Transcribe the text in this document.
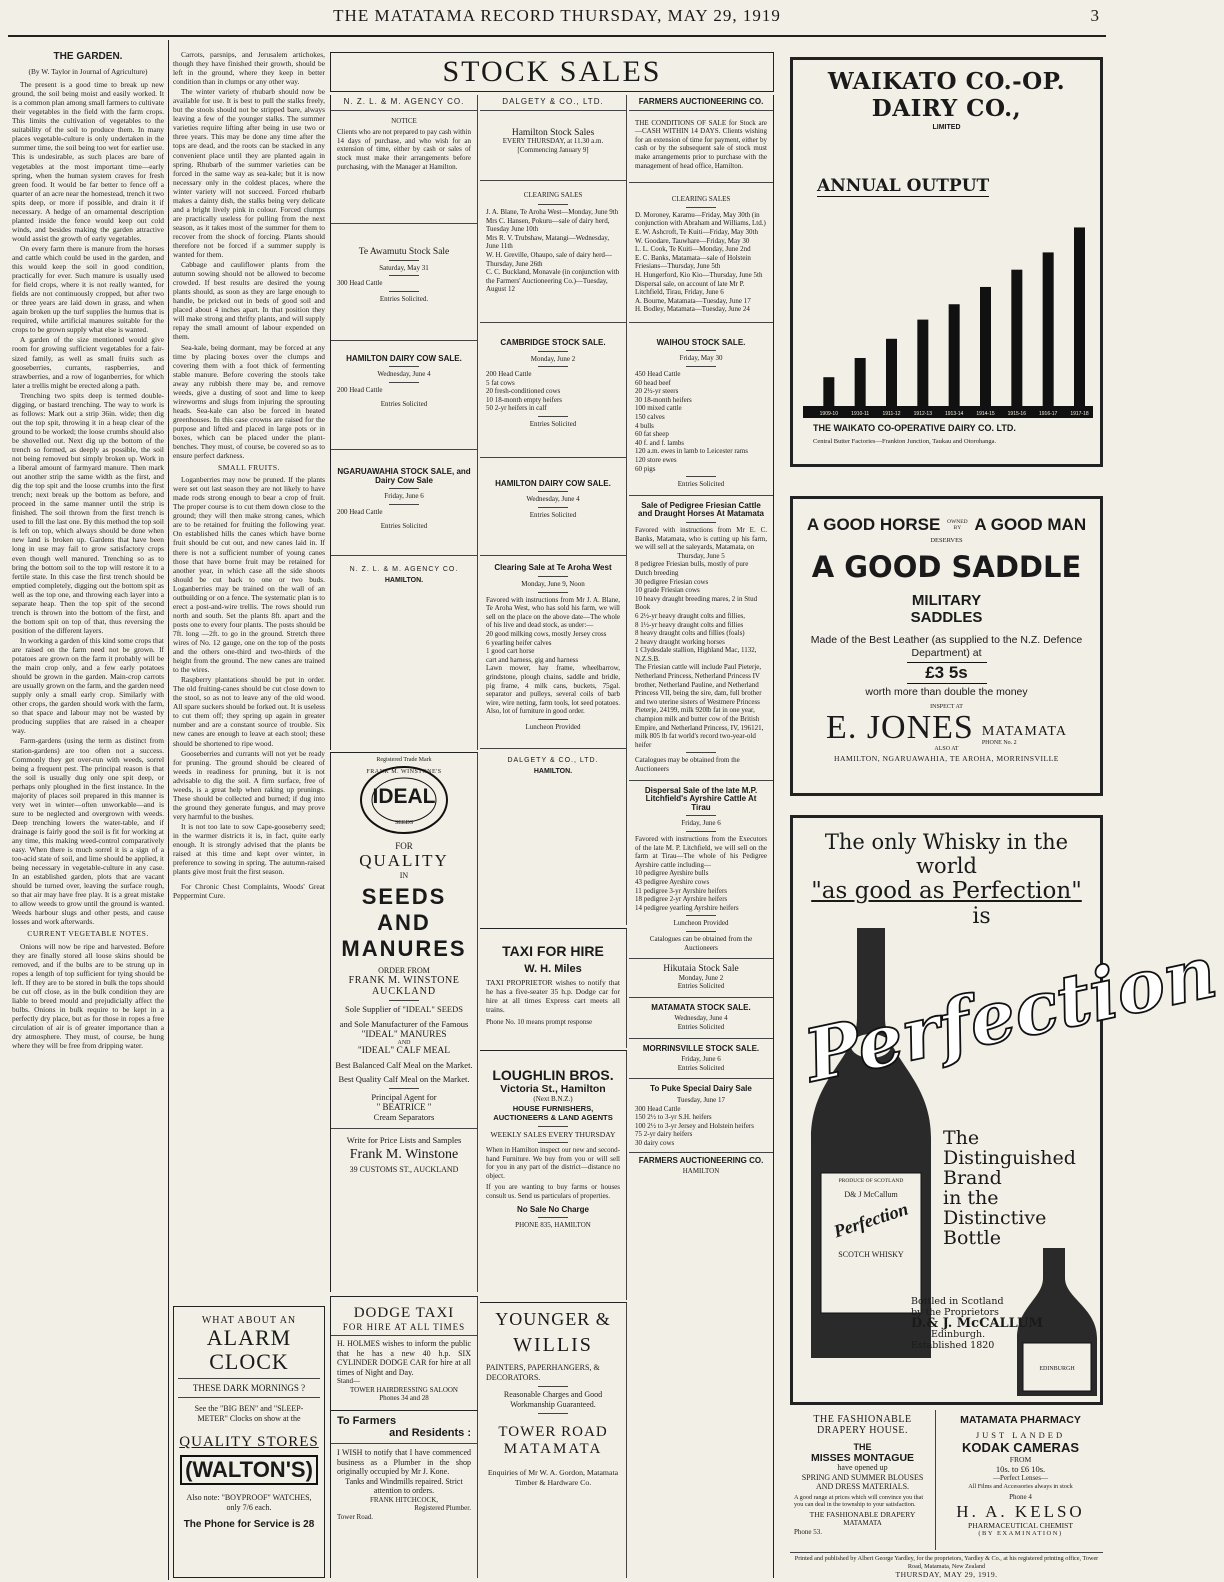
THE MATATAMA RECORD THURSDAY, MAY 29, 1919	3
THE GARDEN.
(By W. Taylor in Journal of Agriculture)

The present is a good time to break up new ground, the soil being moist and easily worked. It is a common plan among small farmers to cultivate their vegetables in the field with the farm crops. This limits the cultivation of vegetables to the suitability of the soil to produce them. In many places vegetable-culture is only undertaken in the summer time, the soil being too wet for earlier use. This is undesirable, as such places are bare of vegetables at the most important time—early spring, when the human system craves for fresh green food. It would be far better to fence off a quarter of an acre near the homestead, trench it two spits deep, or more if possible, and drain it if necessary. A hedge of an ornamental description planted inside the fence would keep out cold winds, and besides making the garden attractive would assist the growth of early vegetables.

On every farm there is manure from the horses and cattle which could be used in the garden, and this would keep the soil in good condition, practically for ever. Such manure is usually used for field crops, where it is not really wanted, for fields are not continuously cropped, but after two or three years are laid down in grass, and when again broken up the turf supplies the humus that is required, while artificial manures suitable for the crops to be grown supply what else is wanted.

A garden of the size mentioned would give room for growing sufficient vegetables for a fair-sized family, as well as small fruits such as gooseberries, currants, raspberries, and strawberries, and a row of loganberries, for which later a trellis might be erected along a path.

Trenching two spits deep is termed double-digging, or bastard trenching. The way to work is as follows: Mark out a strip 36in. wide; then dig out the top spit, throwing it in a heap clear of the ground to be worked; the loose crumbs should also be shovelled out. Next dig up the bottom of the trench so formed, as deeply as possible, the soil not being removed but simply broken up. Work in a liberal amount of farmyard manure. Then mark out another strip the same width as the first, and dig the top spit and the loose crumbs into the first trench; next break up the bottom as before, and proceed in the same manner until the strip is finished. The soil thrown from the first trench is used to fill the last one. By this method the top soil is left on top, which always should be done when new land is broken up. Gardens that have been long in use may fail to grow satisfactory crops even though well manured. Trenching so as to bring the bottom soil to the top will restore it to a fertile state. In this case the first trench should be emptied completely, digging out the bottom spit as well as the top one, and throwing each layer into a separate heap. Then the top spit of the second trench is thrown into the bottom of the first, and the bottom spit on top of that, thus reversing the position of the different layers.

In working a garden of this kind some crops that are raised on the farm need not be grown. If potatoes are grown on the farm it probably will be the main crop only, and a few early potatoes should be grown in the garden. Main-crop carrots are usually grown on the farm, and the garden need supply only a small early crop. Similarly with other crops, the garden should work with the farm, so that space and labour may not be wasted by producing supplies that are raised in a cheaper way.

Farm-gardens (using the term as distinct from station-gardens) are too often not a success. Commonly they get over-run with weeds, sorrel being a frequent pest. The principal reason is that the soil is usually dug only one spit deep, or perhaps only ploughed in the first instance. In the majority of places soil prepared in this manner is very wet in winter—often unworkable—and is sure to be neglected and overgrown with weeds. Deep trenching lowers the water-table, and if drainage is fairly good the soil is fit for working at any time, this making weed-control comparatively easy. When there is much sorrel it is a sign of a too-acid state of soil, and lime should be applied, it being necessary in vegetable-culture in any case. In an established garden, plots that are vacant should be turned over, leaving the surface rough, so that air may have free play. It is a great mistake to allow weeds to grow until the ground is wanted. Weeds harbour slugs and other pests, and cause losses and work afterwards.

CURRENT VEGETABLE NOTES.

Onions will now be ripe and harvested. Before they are finally stored all loose skins should be removed, and if the bulbs are to be strung up in ropes a length of top sufficient for tying should be left. If they are to be stored in bulk the tops should be cut off close, as in the bulk condition they are liable to breed mould and prejudicially affect the bulbs. Onions in bulk require to be kept in a perfectly dry place, but as for those in ropes a free circulation of air is of greater importance than a dry atmosphere. They must, of course, be hung where they will be free from dripping water.

Carrots, parsnips, and Jerusalem artichokes, though they have finished their growth, should be left in the ground, where they keep in better condition than in clumps or any other way.

The winter variety of rhubarb should now be available for use. It is best to pull the stalks freely, but the stools should not be stripped bare, always leaving a few of the younger stalks. The summer varieties require lifting after being in use two or three years. This may be done any time after the tops are dead, and the roots can be stacked in any convenient place until they are planted again in spring. Rhubarb of the summer varieties can be forced in the same way as sea-kale; but it is now necessary only in the coldest places, where the winter variety will not succeed. Forced rhubarb makes a dainty dish, the stalks being very delicate and a bright lively pink in colour. Forced clumps are practically useless for pulling from the next season, as it takes most of the summer for them to recover from the shock of forcing. Plants should therefore not be forced if a summer supply is wanted for them.

Cabbage and cauliflower plants from the autumn sowing should not be allowed to become crowded. If best results are desired the young plants should, as soon as they are large enough to handle, be pricked out in beds of good soil and placed about 4 inches apart. In that position they will make strong and thrifty plants, and will supply repay the small amount of labour expended on them.

Sea-kale, being dormant, may be forced at any time by placing boxes over the clumps and covering them with a foot thick of fermenting stable manure. Before covering the stools take away any rubbish there may be, and remove weeds, give a dusting of soot and lime to keep wireworms and slugs from injuring the sprouting heads. Sea-kale can also be forced in heated greenhouses. In this case crowns are raised for the purpose and lifted and placed in large pots or in boxes, which can be placed under the plant-benches. They must, of course, be covered so as to ensure perfect darkness.

SMALL FRUITS.

Loganberries may now be pruned. If the plants were set out last season they are not likely to have made rods strong enough to bear a crop of fruit. The proper course is to cut them down close to the ground; they will then make strong canes, which are to be retained for fruiting the following year. On established hills the canes which have borne fruit should be cut out, and new canes laid in. If there is not a sufficient number of young canes those that have borne fruit may be retained for another year, in which case all the side shoots should be cut back to one or two buds. Loganberries may be trained on the wall of an outbuilding or on a fence. The systematic plan is to erect a post-and-wire trellis. The rows should run north and south. Set the plants 8ft. apart and the posts one to every four plants. The posts should be 7ft. long —2ft. to go in the ground. Stretch three wires of No. 12 gauge, one on the top of the posts and the others one-third and two-thirds of the height from the ground. The new canes are trained to the wires.

Raspberry plantations should be put in order. The old fruiting-canes should be cut close down to the stool, so as not to leave any of the old wood. All spare suckers should be forked out. It is useless to cut them off; they spring up again in greater number and are a constant source of trouble. Six new canes are enough to leave at each stool; these should be shortened to ripe wood.

Gooseberries and currants will not yet be ready for pruning. The ground should be cleared of weeds in readiness for pruning, but it is not advisable to dig the soil. A firm surface, free of weeds, is a great help when raking up prunings. These should be collected and burned; if dug into the ground they generate fungus, and may prove very harmful to the bushes.

It is not too late to sow Cape-gooseberry seed; in the warmer districts it is, in fact, quite early enough. It is strongly advised that the plants be raised at this time and kept over winter, in preference to sowing in spring. The autumn-raised plants give most fruit the first season.

For Chronic Chest Complaints, Woods' Great Peppermint Cure.

WHAT ABOUT AN
ALARM CLOCK
THESE DARK MORNINGS ?
See the "BIG BEN" and "SLEEP-METER" Clocks on show at the
QUALITY STORES
(WALTON'S)
Also note: "BOYPROOF" WATCHES, only 7/6 each.
The Phone for Service is 28
STOCK SALES
N. Z. L. & M. AGENCY CO.
NOTICE
Clients who are not prepared to pay cash within 14 days of purchase, and who wish for an extension of time, either by cash or sales of stock must make their arrangements before purchasing, with the Manager at Hamilton.
Te Awamutu Stock Sale
Saturday, May 31
300 Head Cattle
Entries Solicited.
HAMILTON DAIRY COW SALE.
Wednesday, June 4
200 Head Cattle
Entries Solicited
NGARUAWAHIA STOCK SALE, and Dairy Cow Sale
Friday, June 6
200 Head Cattle
Entries Solicited
N. Z. L. & M. AGENCY CO.
HAMILTON.
Registered Trade Mark
FRANK M. WINSTONE'S
IDEAL
SEEDS
FOR
QUALITY
IN
SEEDS AND MANURES
ORDER FROM
FRANK M. WINSTONE
AUCKLAND
Sole Supplier of "IDEAL" SEEDS
and Sole Manufacturer of the Famous
"IDEAL" MANURES
AND
"IDEAL" CALF MEAL
Best Balanced Calf Meal on the Market.
Best Quality Calf Meal on the Market.
Principal Agent for
" BEATRICE "
Cream Separators
Write for Price Lists and Samples
Frank M. Winstone
39 CUSTOMS ST., AUCKLAND
DODGE TAXI
FOR HIRE AT ALL TIMES
H. HOLMES wishes to inform the public that he has a new 40 h.p. SIX CYLINDER DODGE CAR for hire at all times of Night and Day.
Stand—
TOWER HAIRDRESSING SALOON
Phones 34 and 28
To Farmers
and Residents :
I WISH to notify that I have commenced business as a Plumber in the shop originally occupied by Mr J. Kone.
Tanks and Windmills repaired. Strict attention to orders.
FRANK HITCHCOCK,
Registered Plumber.
Tower Road.
DALGETY & CO., LTD.
Hamilton Stock Sales
EVERY THURSDAY, at 11.30 a.m.
[Commencing January 9]
CLEARING SALES
J. A. Blane, Te Aroha West—Monday, June 9th
Mrs C. Hansen, Pokuru—sale of dairy herd, Tuesday June 10th
Mrs R. V. Trubshaw, Matangi—Wednesday, June 11th
W. H. Greville, Ohaupo, sale of dairy herd—Thursday, June 26th
C. C. Buckland, Monavale (in conjunction with the Farmers' Auctioneering Co.)—Tuesday, August 12
CAMBRIDGE STOCK SALE.
Monday, June 2
200 Head Cattle
5 fat cows
20 fresh-conditioned cows
10 18-month empty heifers
50 2-yr heifers in calf
Entries Solicited
HAMILTON DAIRY COW SALE.
Wednesday, June 4
Entries Solicited
Clearing Sale at Te Aroha West
Monday, June 9, Noon
Favored with instructions from Mr J. A. Blane, Te Aroha West, who has sold his farm, we will sell on the place on the above date—The whole of his live and dead stock, as under:—
20 good milking cows, mostly Jersey cross
6 yearling heifer calves
1 good cart horse
cart and harness, gig and harness
Lawn mower, hay frame, wheelbarrow, grindstone, plough chains, saddle and bridle, pig frame, 4 milk cans, buckets, 75gal. separator and pulleys, several coils of barb wire, wire netting, farm tools, lot seed potatoes. Also, lot of furniture in good order.
Luncheon Provided
DALGETY & CO., LTD.
HAMILTON.
TAXI FOR HIRE
W. H. Miles
TAXI PROPRIETOR wishes to notify that he has a five-seater 35 h.p. Dodge car for hire at all times Express cart meets all trains.
Phone No. 10 means prompt response
LOUGHLIN BROS.
Victoria St., Hamilton
(Next B.N.Z.)
HOUSE FURNISHERS, AUCTIONEERS & LAND AGENTS
WEEKLY SALES EVERY THURSDAY
When in Hamilton inspect our new and second-hand Furniture. We buy from you or will sell for you in any part of the district—distance no object.
If you are wanting to buy farms or houses consult us. Send us particulars of properties.
No Sale No Charge
PHONE 835, HAMILTON
YOUNGER &
WILLIS
PAINTERS, PAPERHANGERS, & DECORATORS.
Reasonable Charges and Good Workmanship Guaranteed.
TOWER ROAD
MATAMATA
Enquiries of Mr W. A. Gordon, Matamata Timber & Hardware Co.
FARMERS AUCTIONEERING CO.
THE CONDITIONS OF SALE for Stock are—CASH WITHIN 14 DAYS. Clients wishing for an extension of time for payment, either by cash or by the subsequent sale of stock must make arrangements prior to purchase with the management of head office, Hamilton.
CLEARING SALES
D. Moroney, Karamu—Friday, May 30th (in conjunction with Abraham and Williams, Ltd.)
E. W. Ashcroft, Te Kuiti—Friday, May 30th
W. Goodare, Tauwhare—Friday, May 30
L. L. Cook, Te Kuiti—Monday, June 2nd
E. C. Banks, Matamata—sale of Holstein Friesians—Thursday, June 5th
H. Hungerford, Kio Kio—Thursday, June 5th
Dispersal sale, on account of late Mr P. Litchfield, Tirau, Friday, June 6
A. Bourne, Matamata—Tuesday, June 17
H. Bodley, Matamata—Tuesday, June 24
WAIHOU STOCK SALE.
Friday, May 30
450 Head Cattle
60 head beef
20 2½-yr steers
30 18-month heifers
100 mixed cattle
150 calves
4 bulls
60 fat sheep
40 f. and f. lambs
120 a.m. ewes in lamb to Leicester rams
120 store ewes
60 pigs
Entries Solicited
Sale of Pedigree Friesian Cattle and Draught Horses At Matamata
Favored with instructions from Mr E. C. Banks, Matamata, who is cutting up his farm, we will sell at the saleyards, Matamata, on
Thursday, June 5
8 pedigree Friesian bulls, mostly of pure Dutch breeding
30 pedigree Friesian cows
10 grade Friesian cows
10 heavy draught breeding mares, 2 in Stud Book
6 2½-yr heavy draught colts and fillies,
8 1½-yr heavy draught colts and fillies
8 heavy draught colts and fillies (foals)
2 heavy draught working horses
1 Clydesdale stallion, Highland Mac, 1132, N.Z.S.B.
The Friesian cattle will include Paul Pieterje, Netherland Princess, Netherland Princess IV brother, Netherland Pauline, and Netherland Princess VII, being the sire, dam, full brother and two uterine sisters of Westmere Princess Pieterje, 24199, milk 920lb fat in one year, champion milk and butter cow of the British Empire, and Netherland Princess, IV, 196121, milk 805 lb fat world's record two-year-old heifer
Catalogues may be obtained from the Auctioneers
Dispersal Sale of the late M.P. Litchfield's Ayrshire Cattle At Tirau
Friday, June 6
Favored with instructions from the Executors of the late M. P. Litchfield, we will sell on the farm at Tirau—The whole of his Pedigree Ayrshire cattle including—
10 pedigree Ayrshire bulls
43 pedigree Ayrshire cows
11 pedigree 3-yr Ayrshire heifers
18 pedigree 2-yr Ayrshire heifers
14 pedigree yearling Ayrshire heifers
Luncheon Provided
Catalogues can be obtained from the Auctioneers
Hikutaia Stock Sale
Monday, June 2
Entries Solicited
MATAMATA STOCK SALE.
Wednesday, June 4
Entries Solicited
MORRINSVILLE STOCK SALE.
Friday, June 6
Entries Solicited
To Puke Special Dairy Sale
Tuesday, June 17
300 Head Cattle
150 2½ to 3-yr S.H. heifers
100 2½ to 3-yr Jersey and Holstein heifers
75 2-yr dairy heifers
30 dairy cows
FARMERS AUCTIONEERING CO.
HAMILTON
WAIKATO CO.-OP. DAIRY CO.,
LIMITED
ANNUAL OUTPUT
1909-10	1910-11	1911-12	1912-13	1913-14	1914-15	1915-16	1916-17	1917-18
THE WAIKATO CO-OPERATIVE DAIRY CO. LTD.
Central Butter Factories—Frankton Junction, Taukau and Otorohanga.
A GOOD HORSE OWNED BY A GOOD MAN
DESERVES
A GOOD SADDLE
MILITARY SADDLES
Made of the Best Leather (as supplied to the N.Z. Defence Department) at
£3 5s
worth more than double the money
INSPECT AT
E. JONES MATAMATA
PHONE No. 2
ALSO AT
HAMILTON, NGARUAWAHIA, TE AROHA, MORRINSVILLE
The only Whisky in the world
"as good as Perfection"
is
PRODUCE OF SCOTLAND
D& J McCallum
Perfection
SCOTCH WHISKY
Perfection
The
Distinguished
Brand
in the
Distinctive
Bottle
EDINBURGH
Bottled in Scotland
by the Proprietors
D.& J. McCALLUM
Edinburgh.
Established 1820
THE FASHIONABLE DRAPERY HOUSE.
THE
MISSES MONTAGUE
have opened up
SPRING AND SUMMER BLOUSES AND DRESS MATERIALS.
A good range at prices which will convince you that you can deal in the township to your satisfaction.
THE FASHIONABLE DRAPERY
MATAMATA
Phone 53.
MATAMATA PHARMACY
JUST LANDED
KODAK CAMERAS
FROM
10s. to £6 10s.
—Perfect Lenses—
All Films and Accessories always in stock
Phone 4
H. A. KELSO
PHARMACEUTICAL CHEMIST
(BY EXAMINATION)
Printed and published by Albert George Yardley, for the proprietors, Yardley & Co., at his registered printing office, Tower Road, Matamata, New Zealand
THURSDAY, MAY 29, 1919.
